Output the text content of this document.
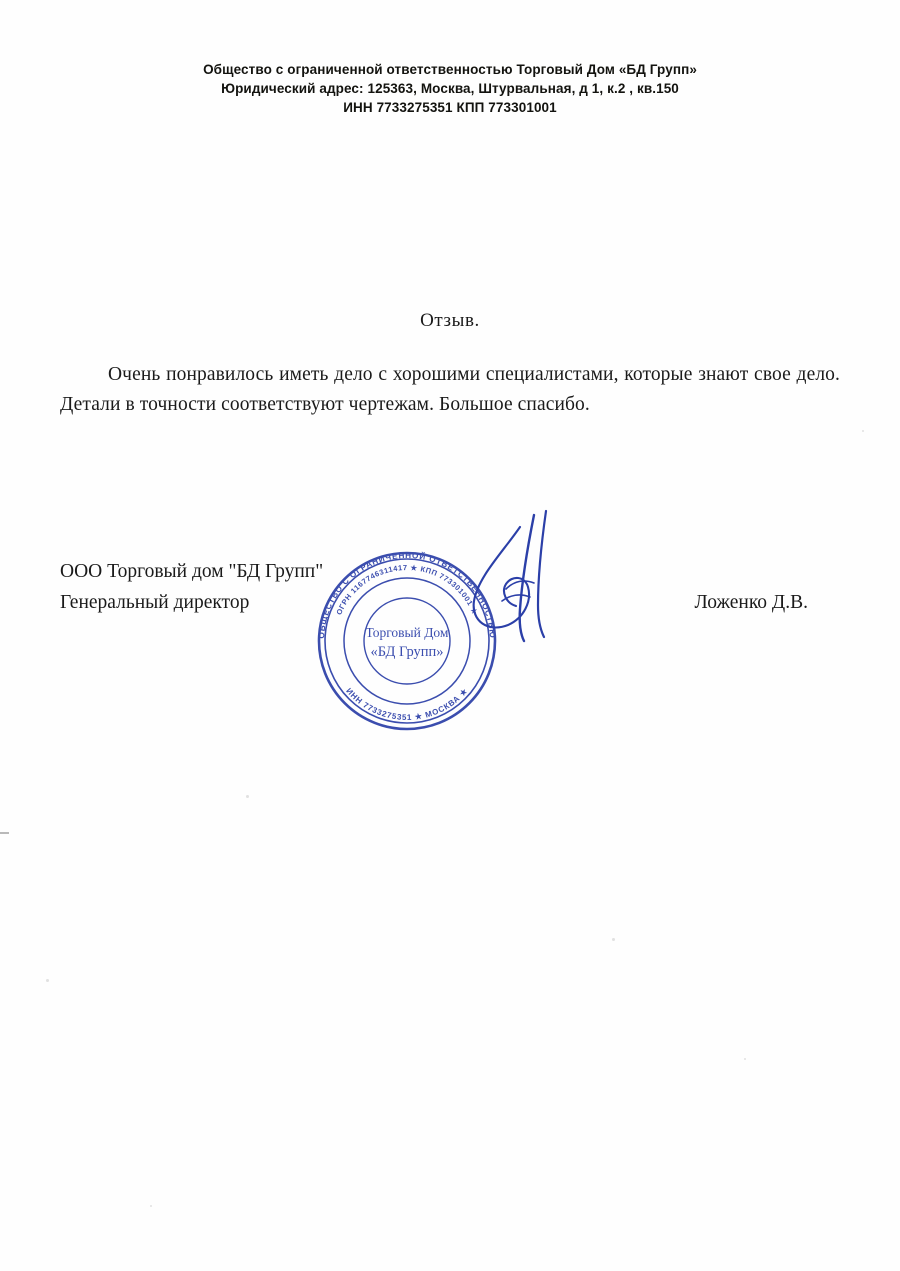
Общество с ограниченной ответственностью Торговый Дом «БД Групп»
Юридический адрес: 125363, Москва, Штурвальная, д 1, к.2 , кв.150
ИНН 7733275351 КПП 773301001
Отзыв.
Очень понравилось иметь дело с хорошими специалистами, которые знают свое дело. Детали в точности соответствуют чертежам. Большое спасибо.
ООО Торговый дом "БД Групп"
Генеральный директор	Ложенко Д.В.
ОБЩЕСТВО С ОГРАНИЧЕННОЙ ОТВЕТСТВЕННОСТЬЮ
ИНН 7733275351 ★ МОСКВА ★
ОГРН 1167746311417 ★ КПП 773301001 ★
Торговый Дом
«БД Групп»
